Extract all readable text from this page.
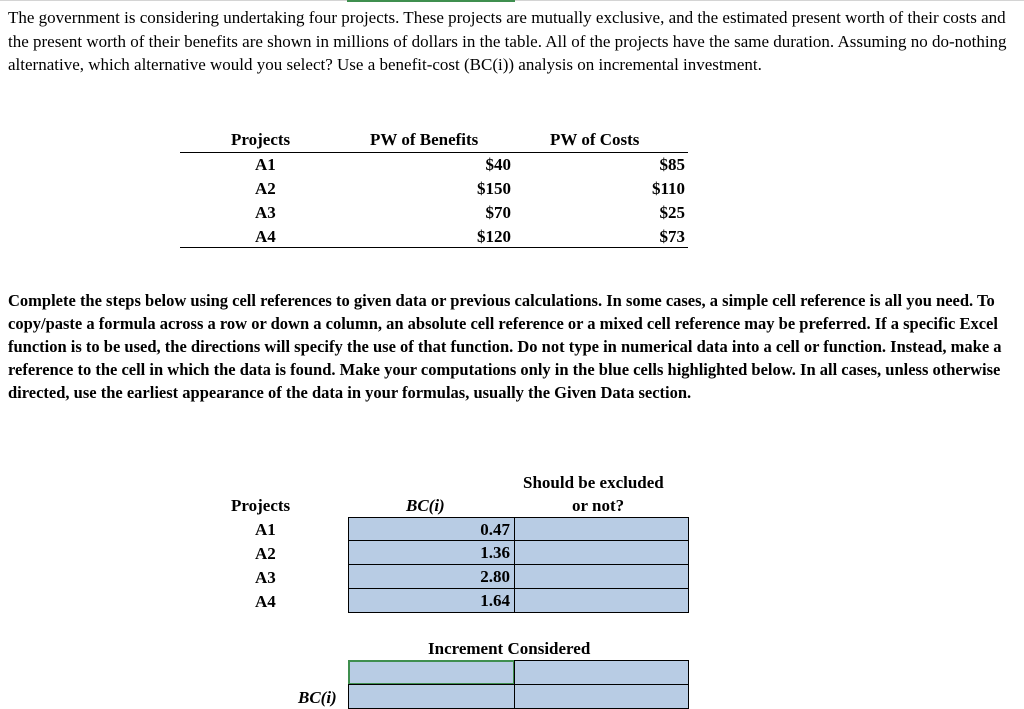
The government is considering undertaking four projects. These projects are mutually exclusive, and the estimated present worth of their costs and the present worth of their benefits are shown in millions of dollars in the table. All of the projects have the same duration. Assuming no do-nothing alternative, which alternative would you select? Use a benefit-cost (BC(i)) analysis on incremental investment.
Projects	PW of Benefits	PW of Costs
A1	$40	$85
A2	$150	$110
A3	$70	$25
A4	$120	$73
Complete the steps below using cell references to given data or previous calculations. In some cases, a simple cell reference is all you need. To copy/paste a formula across a row or down a column, an absolute cell reference or a mixed cell reference may be preferred. If a specific Excel function is to be used, the directions will specify the use of that function. Do not type in numerical data into a cell or function. Instead, make a reference to the cell in which the data is found. Make your computations only in the blue cells highlighted below. In all cases, unless otherwise directed, use the earliest appearance of the data in your formulas, usually the Given Data section.
Should be excluded
or not?
Projects	BC(i)
A1	0.47
A2	1.36
A3	2.80
A4	1.64
Increment Considered
BC(i)
